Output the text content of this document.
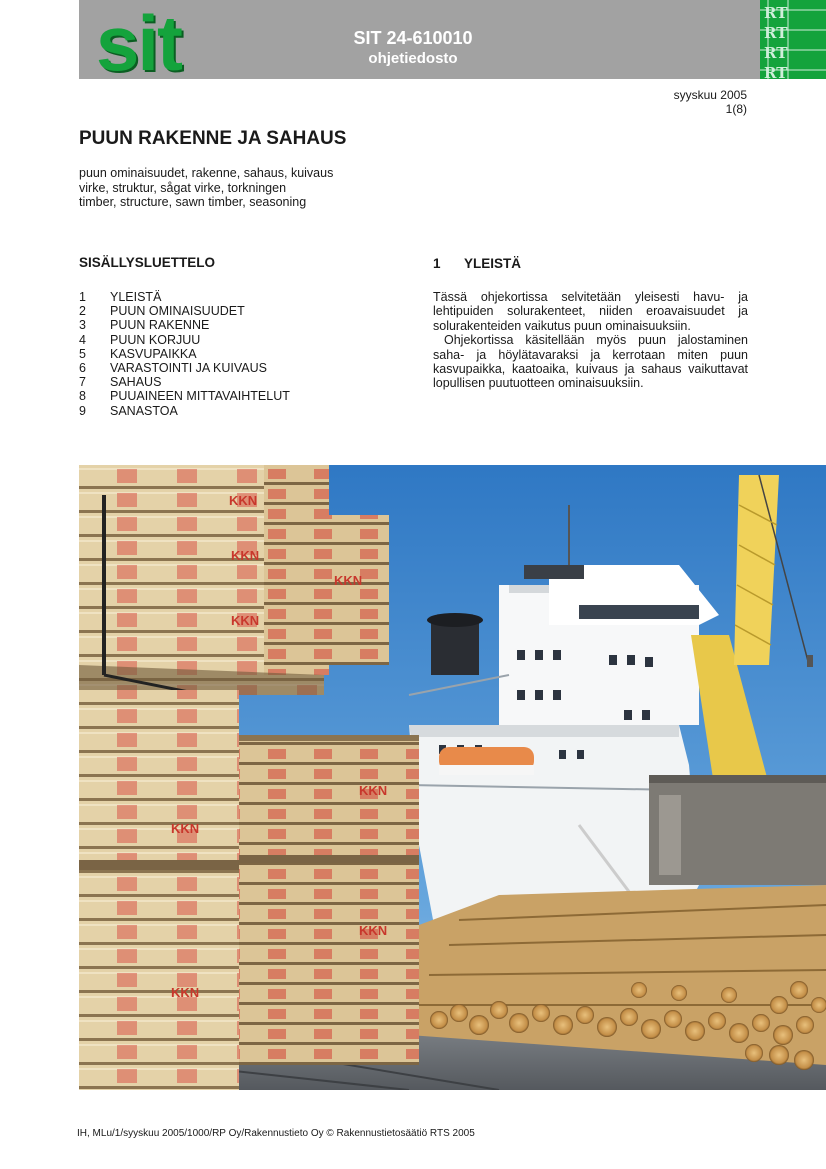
sit	SIT 24-610010
ohjetiedosto
RT
RT
RT
RT
syyskuu 2005
1(8)
PUUN RAKENNE JA SAHAUS
puun ominaisuudet, rakenne, sahaus, kuivaus
virke, struktur, sågat virke, torkningen
timber, structure, sawn timber, seasoning
SISÄLLYSLUETTELO
1	YLEISTÄ
2	PUUN OMINAISUUDET
3	PUUN RAKENNE
4	PUUN KORJUU
5	KASVUPAIKKA
6	VARASTOINTI JA KUIVAUS
7	SAHAUS
8	PUUAINEEN MITTAVAIHTELUT
9	SANASTOA
1 YLEISTÄ

Tässä ohjekortissa selvitetään yleisesti havu- ja lehtipuiden solurakenteet, niiden eroavaisuudet ja solurakenteiden vaikutus puun ominaisuuksiin.

Ohjekortissa käsitellään myös puun jalostaminen saha- ja höylätavaraksi ja kerrotaan miten puun kasvupaikka, kaatoaika, kuivaus ja sahaus vaikuttavat lopullisen puutuotteen ominaisuuksiin.

KKN
KKN
KKN
KKN
KKN
KKN
KKN
KKN
IH, MLu/1/syyskuu 2005/1000/RP Oy/Rakennustieto Oy © Rakennustietosäätiö RTS 2005
